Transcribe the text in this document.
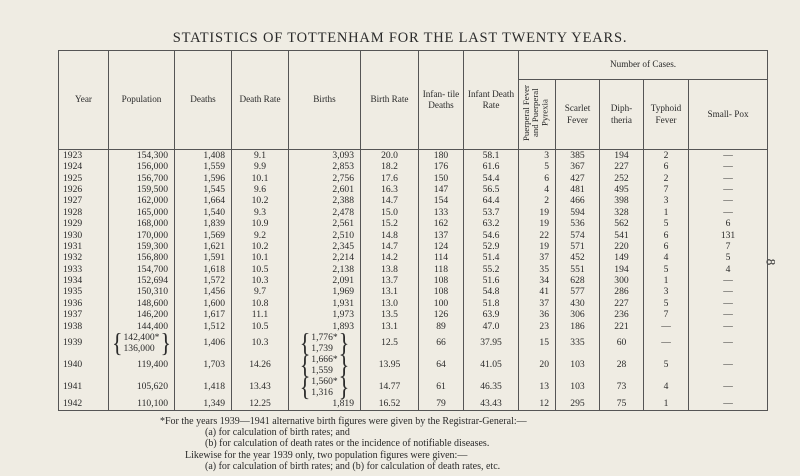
STATISTICS OF TOTTENHAM FOR THE LAST TWENTY YEARS.
8
Year	Population	Deaths	Death Rate	Births	Birth Rate	Infan- tile Deaths	Infant Death Rate	Number of Cases.				
								Puerperal Fever and Puerperal Pyrexia	Scarlet Fever	Diph- theria	Typhoid Fever	Small- Pox
1923	154,300	1,408	9.1	3,093	20.0	180	58.1	3	385	194	2	—
1924	156,000	1,559	9.9	2,853	18.2	176	61.6	5	367	227	6	—
1925	156,700	1,596	10.1	2,756	17.6	150	54.4	6	427	252	2	—
1926	159,500	1,545	9.6	2,601	16.3	147	56.5	4	481	495	7	—
1927	162,000	1,664	10.2	2,388	14.7	154	64.4	2	466	398	3	—
1928	165,000	1,540	9.3	2,478	15.0	133	53.7	19	594	328	1	—
1929	168,000	1,839	10.9	2,561	15.2	162	63.2	19	536	562	5	6
1930	170,000	1,569	9.2	2,510	14.8	137	54.6	22	574	541	6	131
1931	159,300	1,621	10.2	2,345	14.7	124	52.9	19	571	220	6	7
1932	156,800	1,591	10.1	2,214	14.2	114	51.4	37	452	149	4	5
1933	154,700	1,618	10.5	2,138	13.8	118	55.2	35	551	194	5	4
1934	152,694	1,572	10.3	2,091	13.7	108	51.6	34	628	300	1	—
1935	150,310	1,456	9.7	1,969	13.1	108	54.8	41	577	286	3	—
1936	148,600	1,600	10.8	1,931	13.0	100	51.8	37	430	227	5	—
1937	146,200	1,617	11.1	1,973	13.5	126	63.9	36	306	236	7	—
1938	144,400	1,512	10.5	1,893	13.1	89	47.0	23	186	221	—	—
1939	{ 142,400*
136,000 }	1,406	10.3	{ 1,776*
1,739 }	12.5	66	37.95	15	335	60	—	—
1940	119,400	1,703	14.26	{ 1,666*
1,559 }	13.95	64	41.05	20	103	28	5	—
1941	105,620	1,418	13.43	{ 1,560*
1,316 }	14.77	61	46.35	13	103	73	4	—
1942	110,100	1,349	12.25	1,819	16.52	79	43.43	12	295	75	1	—
*For the years 1939—1941 alternative birth figures were given by the Registrar-General:—
(a) for calculation of birth rates; and
(b) for calculation of death rates or the incidence of notifiable diseases.
Likewise for the year 1939 only, two population figures were given:—
(a) for calculation of birth rates; and (b) for calculation of death rates, etc.
